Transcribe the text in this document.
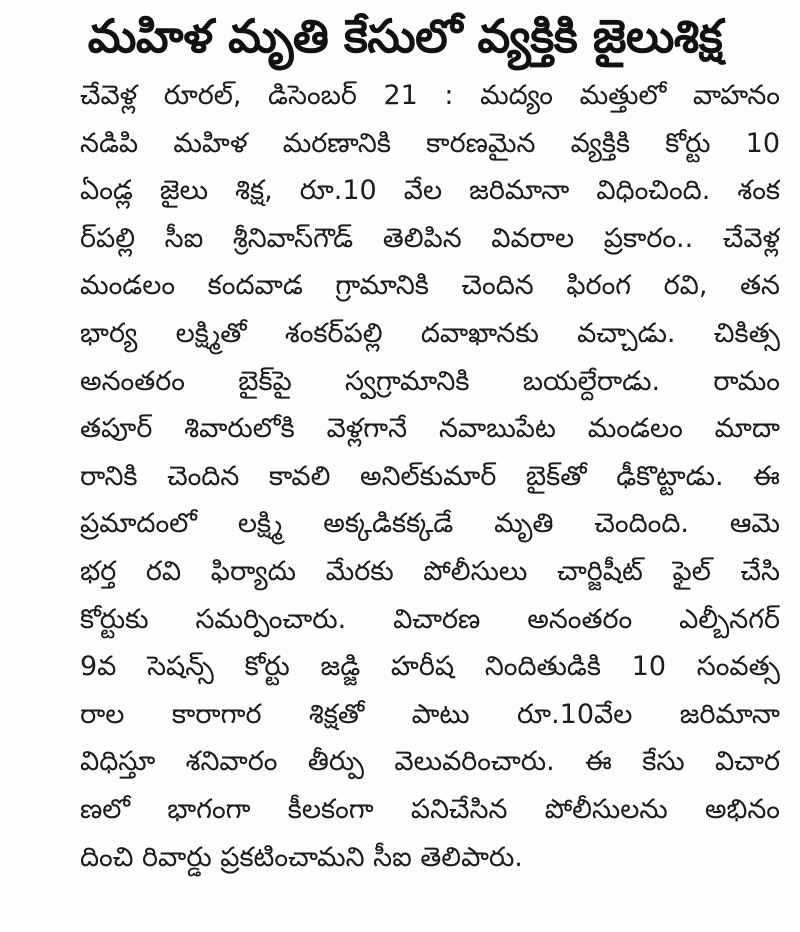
మహిళ మృతి కేసులో వ్యక్తికి జైలుశిక్ష
చేవెళ్ల రూరల్, డిసెంబర్ 21 : మద్యం మత్తులో వాహనం
నడిపి మహిళ మరణానికి కారణమైన వ్యక్తికి కోర్టు 10
ఏండ్ల జైలు శిక్ష, రూ.10 వేల జరిమానా విధించింది. శంక
ర్‌పల్లి సీఐ శ్రీనివాస్‌గౌడ్ తెలిపిన వివరాల ప్రకారం.. చేవెళ్ల
మండలం కందవాడ గ్రామానికి చెందిన ఫిరంగ రవి, తన
భార్య లక్ష్మితో శంకర్‌పల్లి దవాఖానకు వచ్చాడు. చికిత్స
అనంతరం బైక్‌పై స్వగ్రామానికి బయల్దేరాడు. రామం
తపూర్ శివారులోకి వెళ్లగానే నవాబుపేట మండలం మాదా
రానికి చెందిన కావలి అనిల్‌కుమార్ బైక్‌తో ఢీకొట్టాడు. ఈ
ప్రమాదంలో లక్ష్మి అక్కడికక్కడే మృతి చెందింది. ఆమె
భర్త రవి ఫిర్యాదు మేరకు పోలీసులు చార్జిషీట్ ఫైల్ చేసి
కోర్టుకు సమర్పించారు. విచారణ అనంతరం ఎల్బీనగర్
9వ సెషన్స్ కోర్టు జడ్జి హరీష నిందితుడికి 10 సంవత్స
రాల కారాగార శిక్షతో పాటు రూ.10వేల జరిమానా
విధిస్తూ శనివారం తీర్పు వెలువరించారు. ఈ కేసు విచార
ణలో భాగంగా కీలకంగా పనిచేసిన పోలీసులను అభినం
దించి రివార్డు ప్రకటించామని సీఐ తెలిపారు.
